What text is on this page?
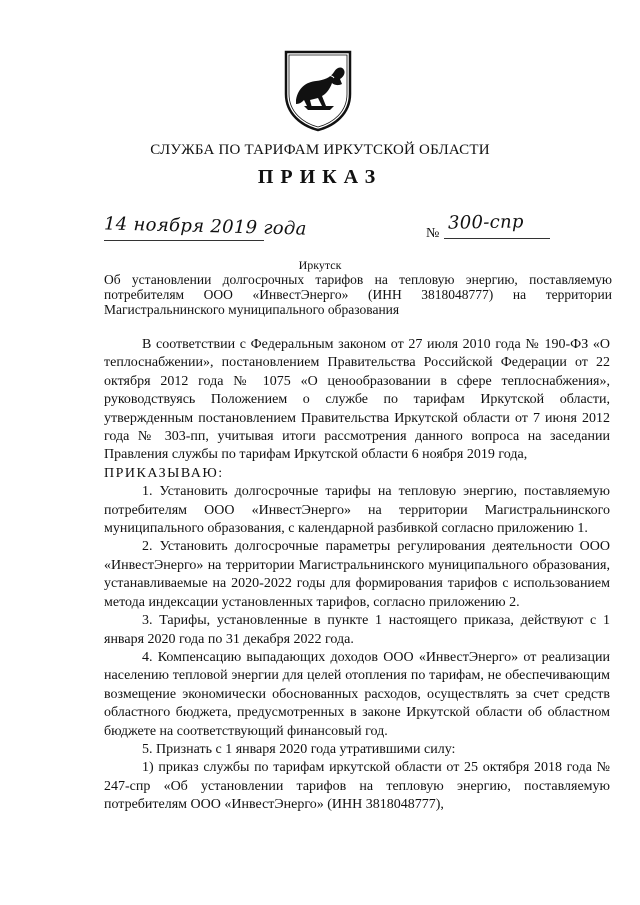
СЛУЖБА ПО ТАРИФАМ ИРКУТСКОЙ ОБЛАСТИ
ПРИКАЗ
14 ноября 2019 года	№ 300-спр
Иркутск
Об установлении долгосрочных тарифов на тепловую энергию, поставляемую потребителям ООО «ИнвестЭнерго» (ИНН 3818048777) на территории Магистральнинского муниципального образования

В соответствии с Федеральным законом от 27 июля 2010 года № 190-ФЗ «О теплоснабжении», постановлением Правительства Российской Федерации от 22 октября 2012 года № 1075 «О ценообразовании в сфере теплоснабжения», руководствуясь Положением о службе по тарифам Иркутской области, утвержденным постановлением Правительства Иркутской области от 7 июня 2012 года № 303-пп, учитывая итоги рассмотрения данного вопроса на заседании Правления службы по тарифам Иркутской области 6 ноября 2019 года,

ПРИКАЗЫВАЮ:

1. Установить долгосрочные тарифы на тепловую энергию, поставляемую потребителям ООО «ИнвестЭнерго» на территории Магистральнинского муниципального образования, с календарной разбивкой согласно приложению 1.

2. Установить долгосрочные параметры регулирования деятельности ООО «ИнвестЭнерго» на территории Магистральнинского муниципального образования, устанавливаемые на 2020-2022 годы для формирования тарифов с использованием метода индексации установленных тарифов, согласно приложению 2.

3. Тарифы, установленные в пункте 1 настоящего приказа, действуют с 1 января 2020 года по 31 декабря 2022 года.

4. Компенсацию выпадающих доходов ООО «ИнвестЭнерго» от реализации населению тепловой энергии для целей отопления по тарифам, не обеспечивающим возмещение экономически обоснованных расходов, осуществлять за счет средств областного бюджета, предусмотренных в законе Иркутской области об областном бюджете на соответствующий финансовый год.

5. Признать с 1 января 2020 года утратившими силу:

1) приказ службы по тарифам иркутской области от 25 октября 2018 года № 247-спр «Об установлении тарифов на тепловую энергию, поставляемую потребителям ООО «ИнвестЭнерго» (ИНН 3818048777),
